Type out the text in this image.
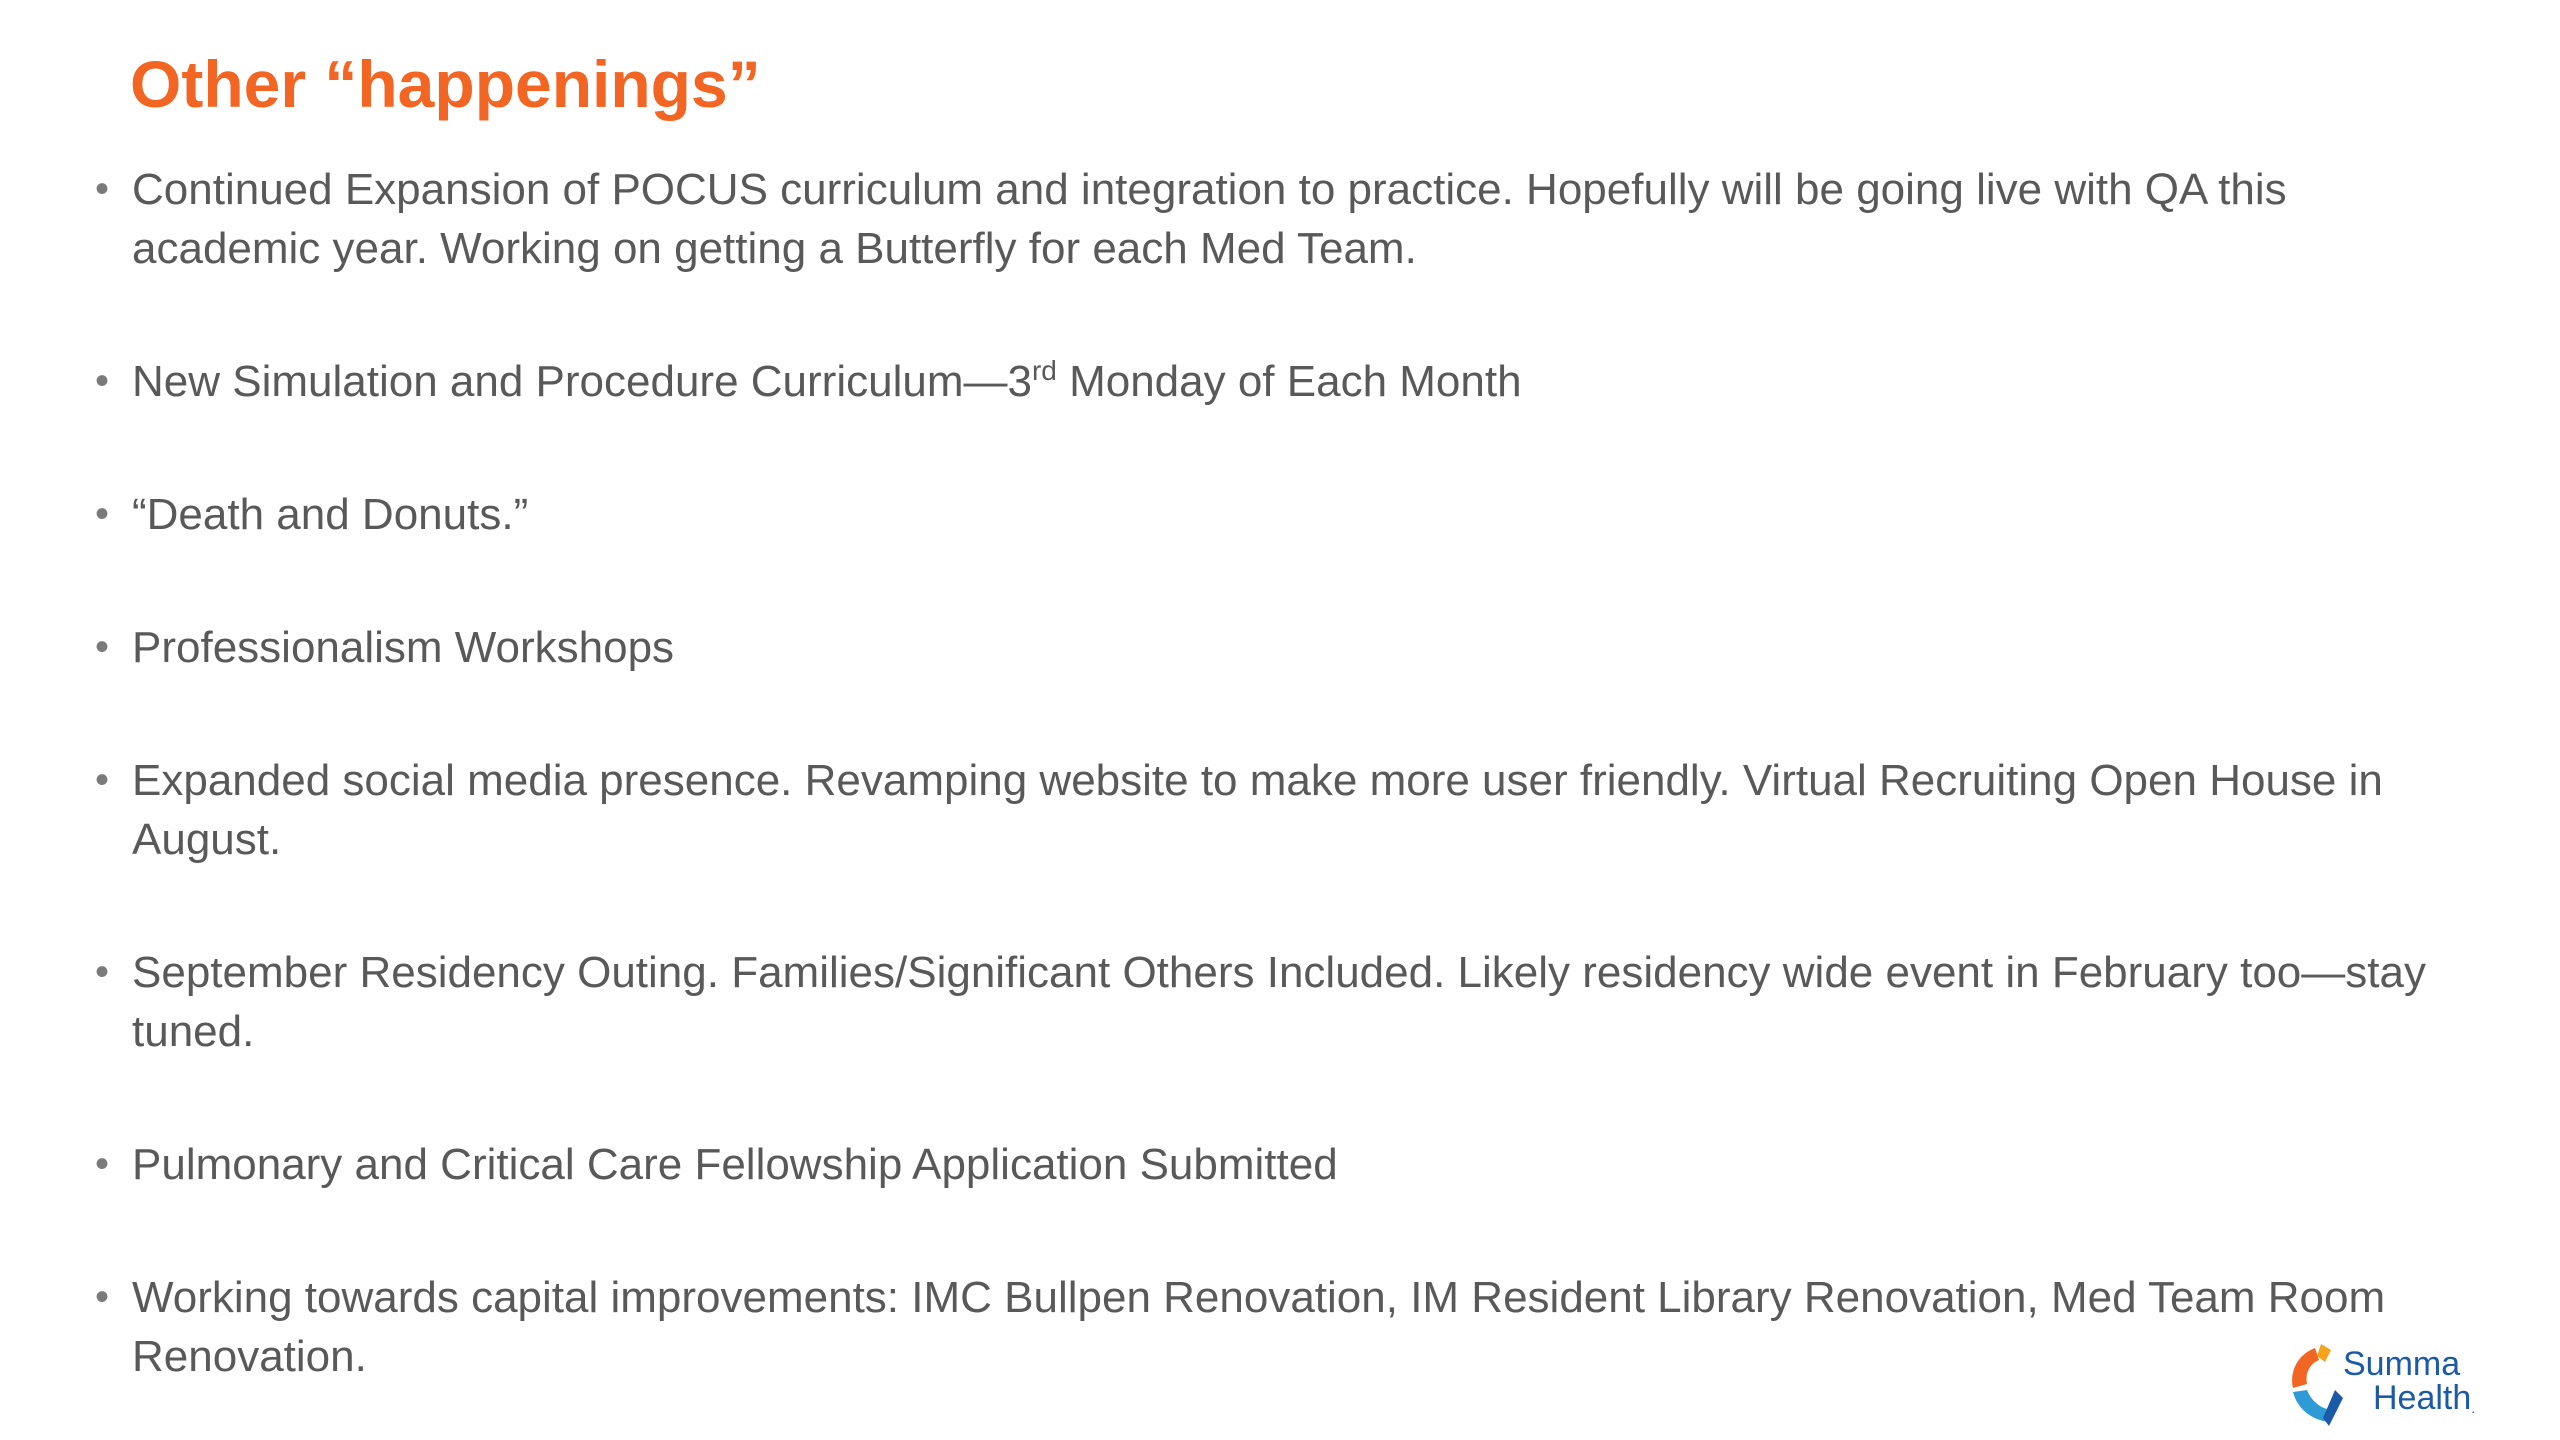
Other “happenings”
• Continued Expansion of POCUS curriculum and integration to practice. Hopefully will be going live with QA this academic year. Working on getting a Butterfly for each Med Team.
• New Simulation and Procedure Curriculum—3rd Monday of Each Month
• “Death and Donuts.”
• Professionalism Workshops
• Expanded social media presence. Revamping website to make more user friendly. Virtual Recruiting Open House in August.
• September Residency Outing. Families/Significant Others Included. Likely residency wide event in February too—stay tuned.
• Pulmonary and Critical Care Fellowship Application Submitted
• Working towards capital improvements: IMC Bullpen Renovation, IM Resident Library Renovation, Med Team Room Renovation.	Summa
Health.
